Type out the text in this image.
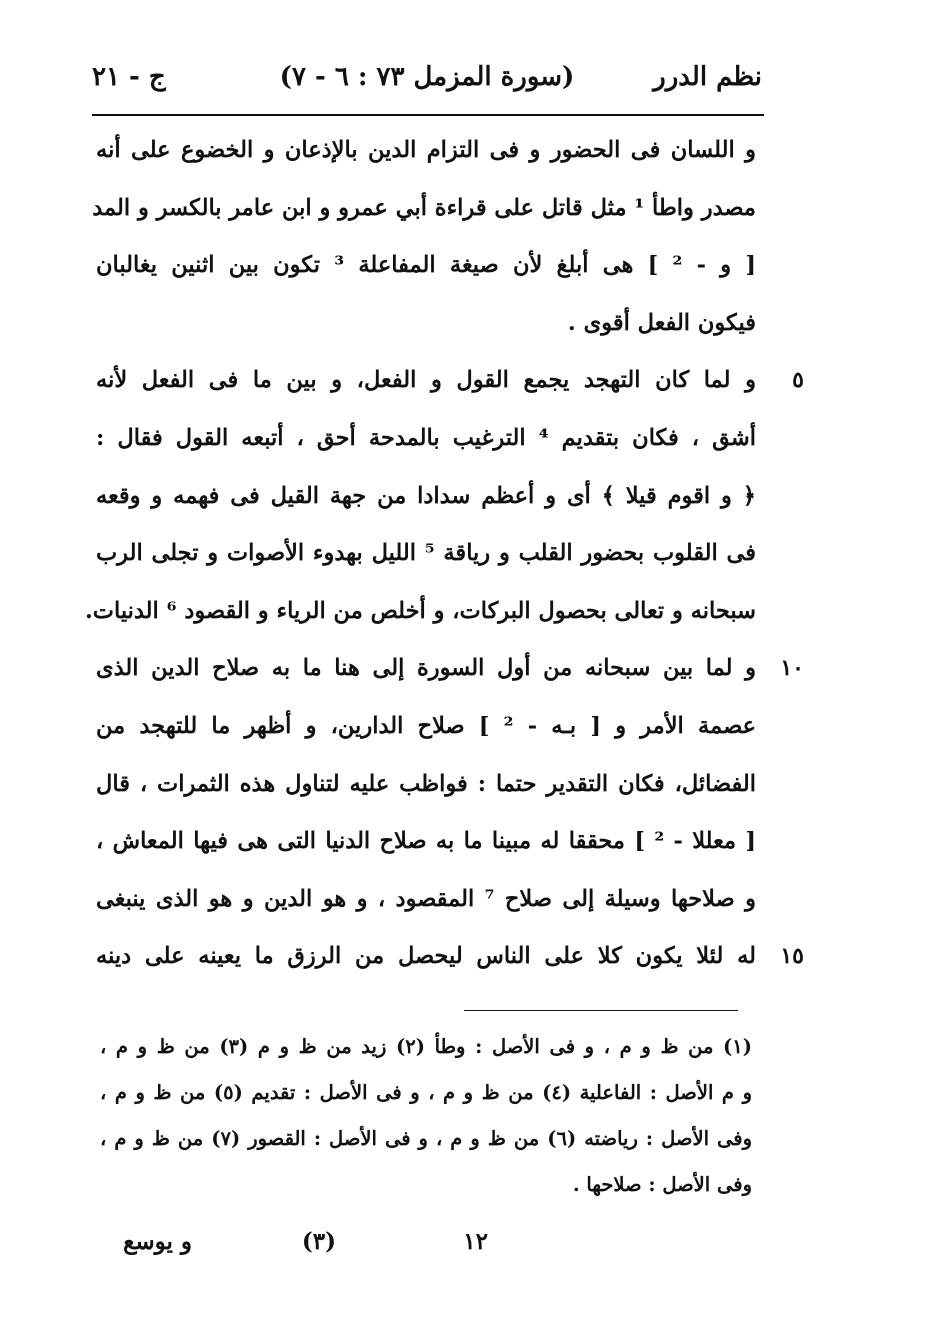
نظم الدرر
(سورة المزمل ٧٣ : ٦ - ٧)
ج - ٢١
و اللسان فى الحضور و فى التزام الدين بالإذعان و الخضوع على أنه
مصدر واطأ ¹ مثل قاتل على قراءة أبي عمرو و ابن عامر بالكسر و المد
[ و - ² ] هى أبلغ لأن صيغة المفاعلة ³ تكون بين اثنين يغالبان
فيكون الفعل أقوى .
و لما كان التهجد يجمع القول و الفعل، و بين ما فى الفعل لأنه	٥
أشق ، فكان بتقديم ⁴ الترغيب بالمدحة أحق ، أتبعه القول فقال :
﴿ و اقوم قيلا ﴾ أى و أعظم سدادا من جهة القيل فى فهمه و وقعه
فى القلوب بحضور القلب و رياقة ⁵ الليل بهدوء الأصوات و تجلى الرب
سبحانه و تعالى بحصول البركات، و أخلص من الرياء و القصود ⁶ الدنيات.
و لما بين سبحانه من أول السورة إلى هنا ما به صلاح الدين الذى	١٠
عصمة الأمر و [ بـه - ² ] صلاح الدارين، و أظهر ما للتهجد من
الفضائل، فكان التقدير حتما : فواظب عليه لتناول هذه الثمرات ، قال
[ معللا - ² ] محققا له مبينا ما به صلاح الدنيا التى هى فيها المعاش ،
و صلاحها وسيلة إلى صلاح ⁷ المقصود ، و هو الدين و هو الذى ينبغى
له لئلا يكون كلا على الناس ليحصل من الرزق ما يعينه على دينه	١٥
(١) من ظ و م ، و فى الأصل : وطأ (٢) زيد من ظ و م (٣) من ظ و م ،
و م الأصل : الفاعلية (٤) من ظ و م ، و فى الأصل : تقديم (٥) من ظ و م ،
وفى الأصل : رياضته (٦) من ظ و م ، و فى الأصل : القصور (٧) من ظ و م ،
وفى الأصل : صلاحها .
١٢
(٣)
و يوسع
